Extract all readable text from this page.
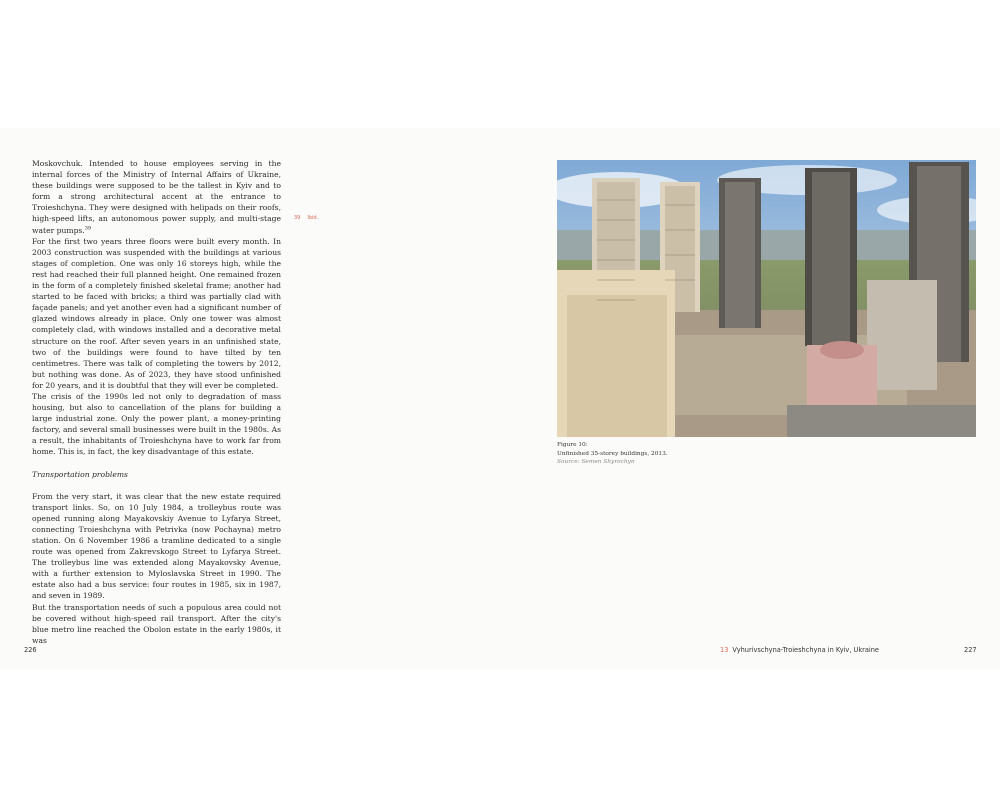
Moskovchuk. Intended to house employees serving in the internal forces of the Ministry of Internal Affairs of Ukraine, these buildings were supposed to be the tallest in Kyiv and to form a strong architectural accent at the entrance to Troieshchyna. They were designed with helipads on their roofs, high-speed lifts, an autonomous power supply, and multi-stage water pumps.$^{39}$

For the first two years three floors were built every month. In 2003 construction was suspended with the buildings at various stages of completion. One was only 16 storeys high, while the rest had reached their full planned height. One remained frozen in the form of a completely finished skeletal frame; another had started to be faced with bricks; a third was partially clad with façade panels; and yet another even had a significant number of glazed windows already in place. Only one tower was almost completely clad, with windows installed and a decorative metal structure on the roof. After seven years in an unfinished state, two of the buildings were found to have tilted by ten centimetres. There was talk of completing the towers by 2012, but nothing was done. As of 2023, they have stood unfinished for 20 years, and it is doubtful that they will ever be completed.

The crisis of the 1990s led not only to degradation of mass housing, but also to cancellation of the plans for building a large industrial zone. Only the power plant, a money-printing factory, and several small businesses were built in the 1980s. As a result, the inhabitants of Troieshchyna have to work far from home. This is, in fact, the key disadvantage of this estate.

Transportation problems

From the very start, it was clear that the new estate required transport links. So, on 10 July 1984, a trolleybus route was opened running along Mayakovskiy Avenue to Lyfarya Street, connecting Troieshchyna with Petrivka (now Pochayna) metro station. On 6 November 1986 a tramline dedicated to a single route was opened from Zakrevskogo Street to Lyfarya Street. The trolleybus line was extended along Mayakovsky Avenue, with a further extension to Myloslavska Street in 1990. The estate also had a bus service: four routes in 1985, six in 1987, and seven in 1989.

But the transportation needs of such a populous area could not be covered without high-speed rail transport. After the city's blue metro line reached the Obolon estate in the early 1980s, it was

39 Ibid.
Figure 10:
Unfinished 35-storey buildings, 2013.
Source: Semen Shyrochyn
226	13 Vyhurivschyna-Troieshchyna in Kyiv, Ukraine	227
